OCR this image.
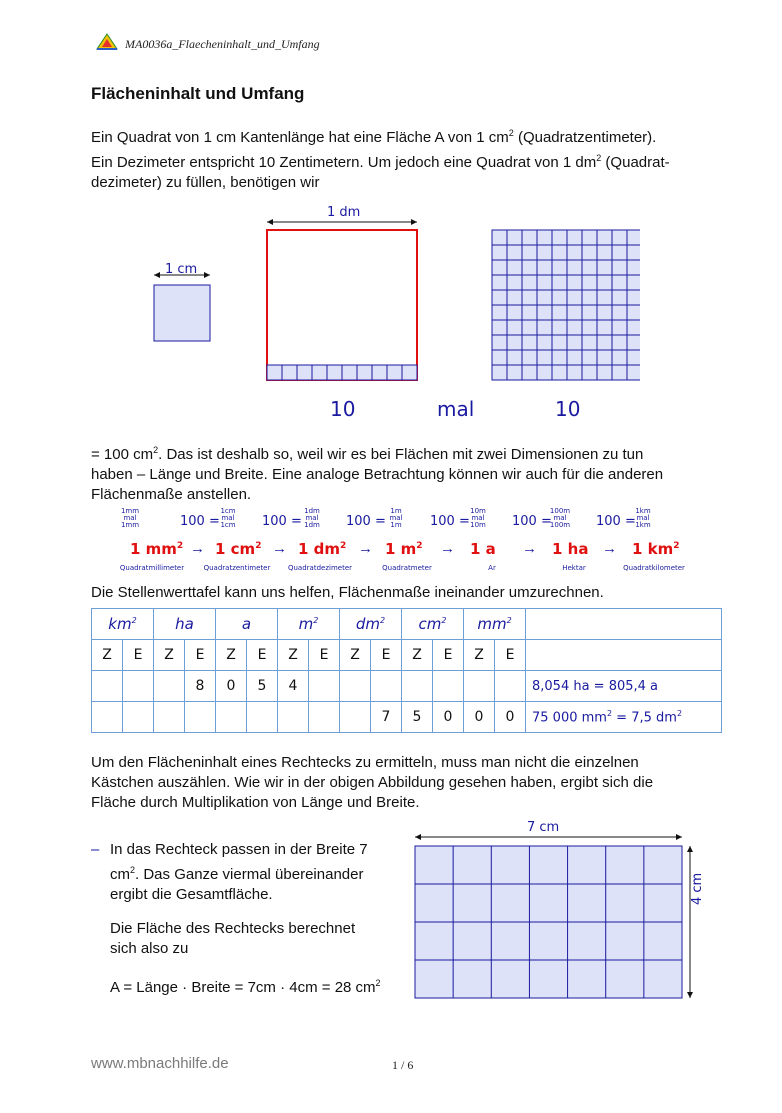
MA0036a_Flaecheninhalt_und_Umfang
Flächeninhalt und Umfang
Ein Quadrat von 1 cm Kantenlänge hat eine Fläche A von 1 $cm^2$ (Quadratzentimeter).
Ein Dezimeter entspricht 10 Zentimetern. Um jedoch eine Quadrat von 1 $dm^2$ (Quadrat-
dezimeter) zu füllen, benötigen wir
1 cm
1 dm
10	mal	10
= 100 $cm^2$. Das ist deshalb so, weil wir es bei Flächen mit zwei Dimensionen zu tun
haben – Länge und Breite. Eine analoge Betrachtung können wir auch für die anderen
Flächenmaße anstellen.
1mm
mal
1mm
1cm
mal
1cm
1dm
mal
1dm
1m
mal
1m
10m
mal
10m
100m
mal
100m
1km
mal
1km
100 =	100 =	100 =	100 =	100 =	100 =
1 $mm^2$
Quadratmillimeter
1 $cm^2$
Quadratzentimeter
1 $dm^2$
Quadratdezimeter
1 $m^2$
Quadratmeter
1 a
Ar
1 ha
Hektar
1 $km^2$
Quadratkilometer
→	→	→	→	→	→
Die Stellenwerttafel kann uns helfen, Flächenmaße ineinander umzurechnen.
$km^2$		ha		a		$m^2$		$dm^2$		$cm^2$		$mm^2$	
Z	E	Z	E	Z	E	Z	E	Z	E	Z	E	Z	E	
			8	0	5	4								8,054 ha = 805,4 a
									7	5	0	0	0	75 000 $mm^2 = 7,5$ $dm^2$
Um den Flächeninhalt eines Rechtecks zu ermitteln, muss man nicht die einzelnen
Kästchen auszählen. Wie wir in der obigen Abbildung gesehen haben, ergibt sich die
Fläche durch Multiplikation von Länge und Breite.
– In das Rechteck passen in der Breite 7
$cm^2$. Das Ganze viermal übereinander
ergibt die Gesamtfläche.
Die Fläche des Rechtecks berechnet
sich also zu
A = Länge · Breite = 7cm · 4cm = 28 $cm^2$
7 cm
4 cm
www.mbnachhilfe.de	1 / 6
